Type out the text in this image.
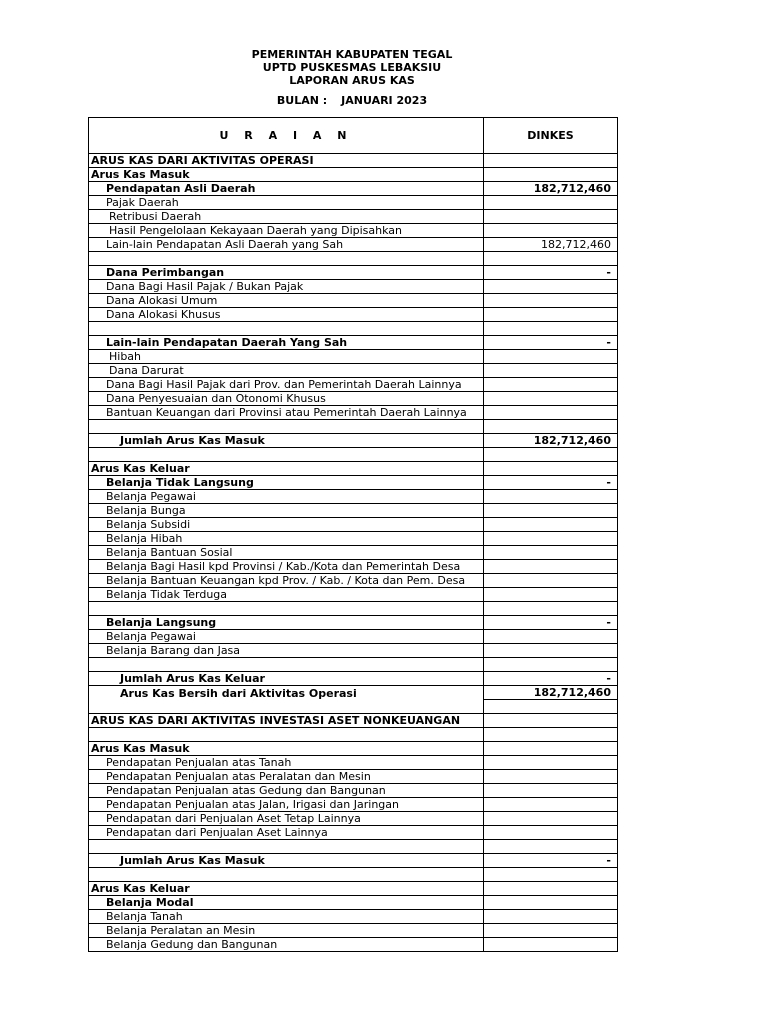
PEMERINTAH KABUPATEN TEGAL
UPTD PUSKESMAS LEBAKSIU
LAPORAN ARUS KAS
BULAN : JANUARI 2023
U R A I A N	DINKES
ARUS KAS DARI AKTIVITAS OPERASI	
Arus Kas Masuk	
Pendapatan Asli Daerah	182,712,460
Pajak Daerah	
Retribusi Daerah	
Hasil Pengelolaan Kekayaan Daerah yang Dipisahkan	
Lain-lain Pendapatan Asli Daerah yang Sah	182,712,460

Dana Perimbangan	-
Dana Bagi Hasil Pajak / Bukan Pajak	
Dana Alokasi Umum	
Dana Alokasi Khusus	

Lain-lain Pendapatan Daerah Yang Sah	-
Hibah	
Dana Darurat	
Dana Bagi Hasil Pajak dari Prov. dan Pemerintah Daerah Lainnya	
Dana Penyesuaian dan Otonomi Khusus	
Bantuan Keuangan dari Provinsi atau Pemerintah Daerah Lainnya	

Jumlah Arus Kas Masuk	182,712,460

Arus Kas Keluar	
Belanja Tidak Langsung	-
Belanja Pegawai	
Belanja Bunga	
Belanja Subsidi	
Belanja Hibah	
Belanja Bantuan Sosial	
Belanja Bagi Hasil kpd Provinsi / Kab./Kota dan Pemerintah Desa	
Belanja Bantuan Keuangan kpd Prov. / Kab. / Kota dan Pem. Desa	
Belanja Tidak Terduga	

Belanja Langsung	-
Belanja Pegawai	
Belanja Barang dan Jasa	

Jumlah Arus Kas Keluar	-
Arus Kas Bersih dari Aktivitas Operasi	182,712,460

ARUS KAS DARI AKTIVITAS INVESTASI ASET NONKEUANGAN	

Arus Kas Masuk	
Pendapatan Penjualan atas Tanah	
Pendapatan Penjualan atas Peralatan dan Mesin	
Pendapatan Penjualan atas Gedung dan Bangunan	
Pendapatan Penjualan atas Jalan, Irigasi dan Jaringan	
Pendapatan dari Penjualan Aset Tetap Lainnya	
Pendapatan dari Penjualan Aset Lainnya	

Jumlah Arus Kas Masuk	-

Arus Kas Keluar	
Belanja Modal	
Belanja Tanah	
Belanja Peralatan an Mesin	
Belanja Gedung dan Bangunan	
